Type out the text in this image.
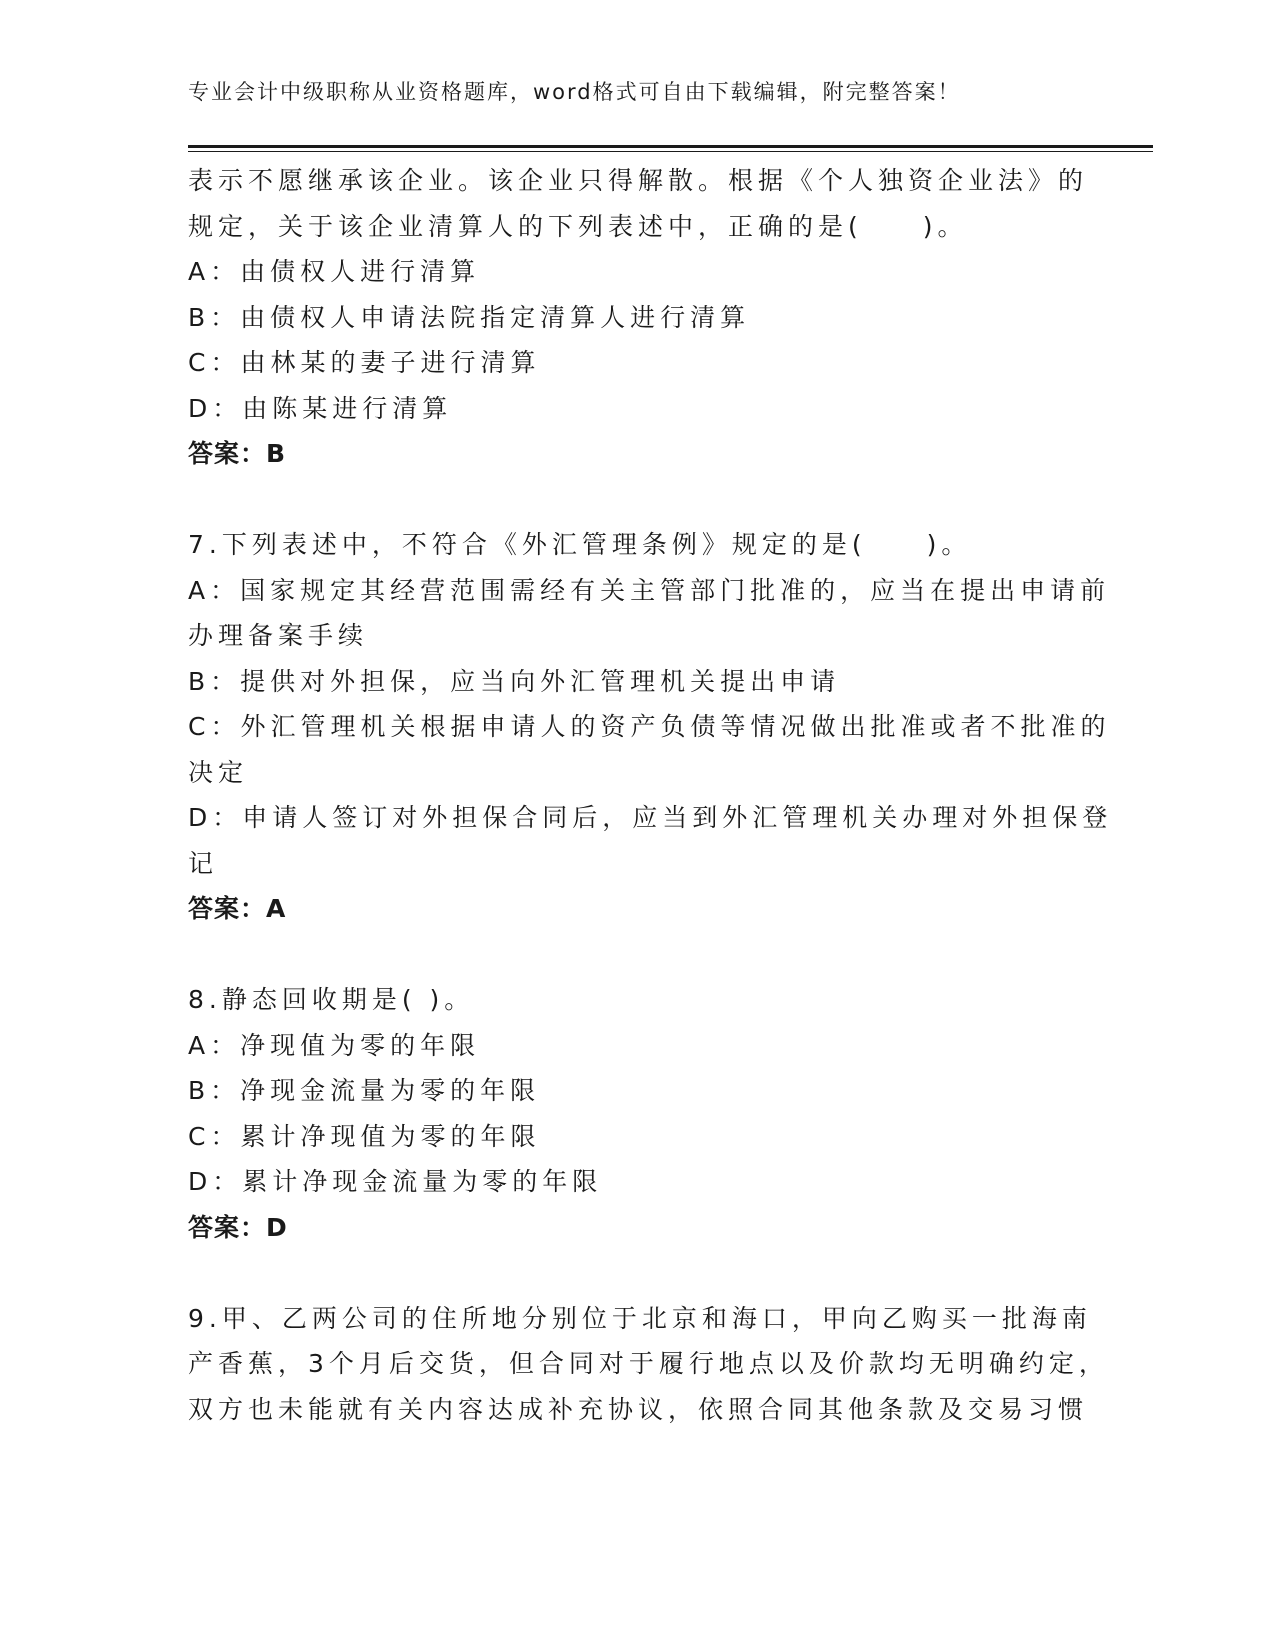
专业会计中级职称从业资格题库，word格式可自由下载编辑，附完整答案！
表示不愿继承该企业。该企业只得解散。根据《个人独资企业法》的
规定，关于该企业清算人的下列表述中，正确的是(　　)。
A：由债权人进行清算
B：由债权人申请法院指定清算人进行清算
C：由林某的妻子进行清算
D：由陈某进行清算
答案：B
7.下列表述中，不符合《外汇管理条例》规定的是(　　)。
A：国家规定其经营范围需经有关主管部门批准的，应当在提出申请前
办理备案手续
B：提供对外担保，应当向外汇管理机关提出申请
C：外汇管理机关根据申请人的资产负债等情况做出批准或者不批准的
决定
D：申请人签订对外担保合同后，应当到外汇管理机关办理对外担保登
记
答案：A
8.静态回收期是( )。
A：净现值为零的年限
B：净现金流量为零的年限
C：累计净现值为零的年限
D：累计净现金流量为零的年限
答案：D
9.甲、乙两公司的住所地分别位于北京和海口，甲向乙购买一批海南
产香蕉，3个月后交货，但合同对于履行地点以及价款均无明确约定，
双方也未能就有关内容达成补充协议，依照合同其他条款及交易习惯
